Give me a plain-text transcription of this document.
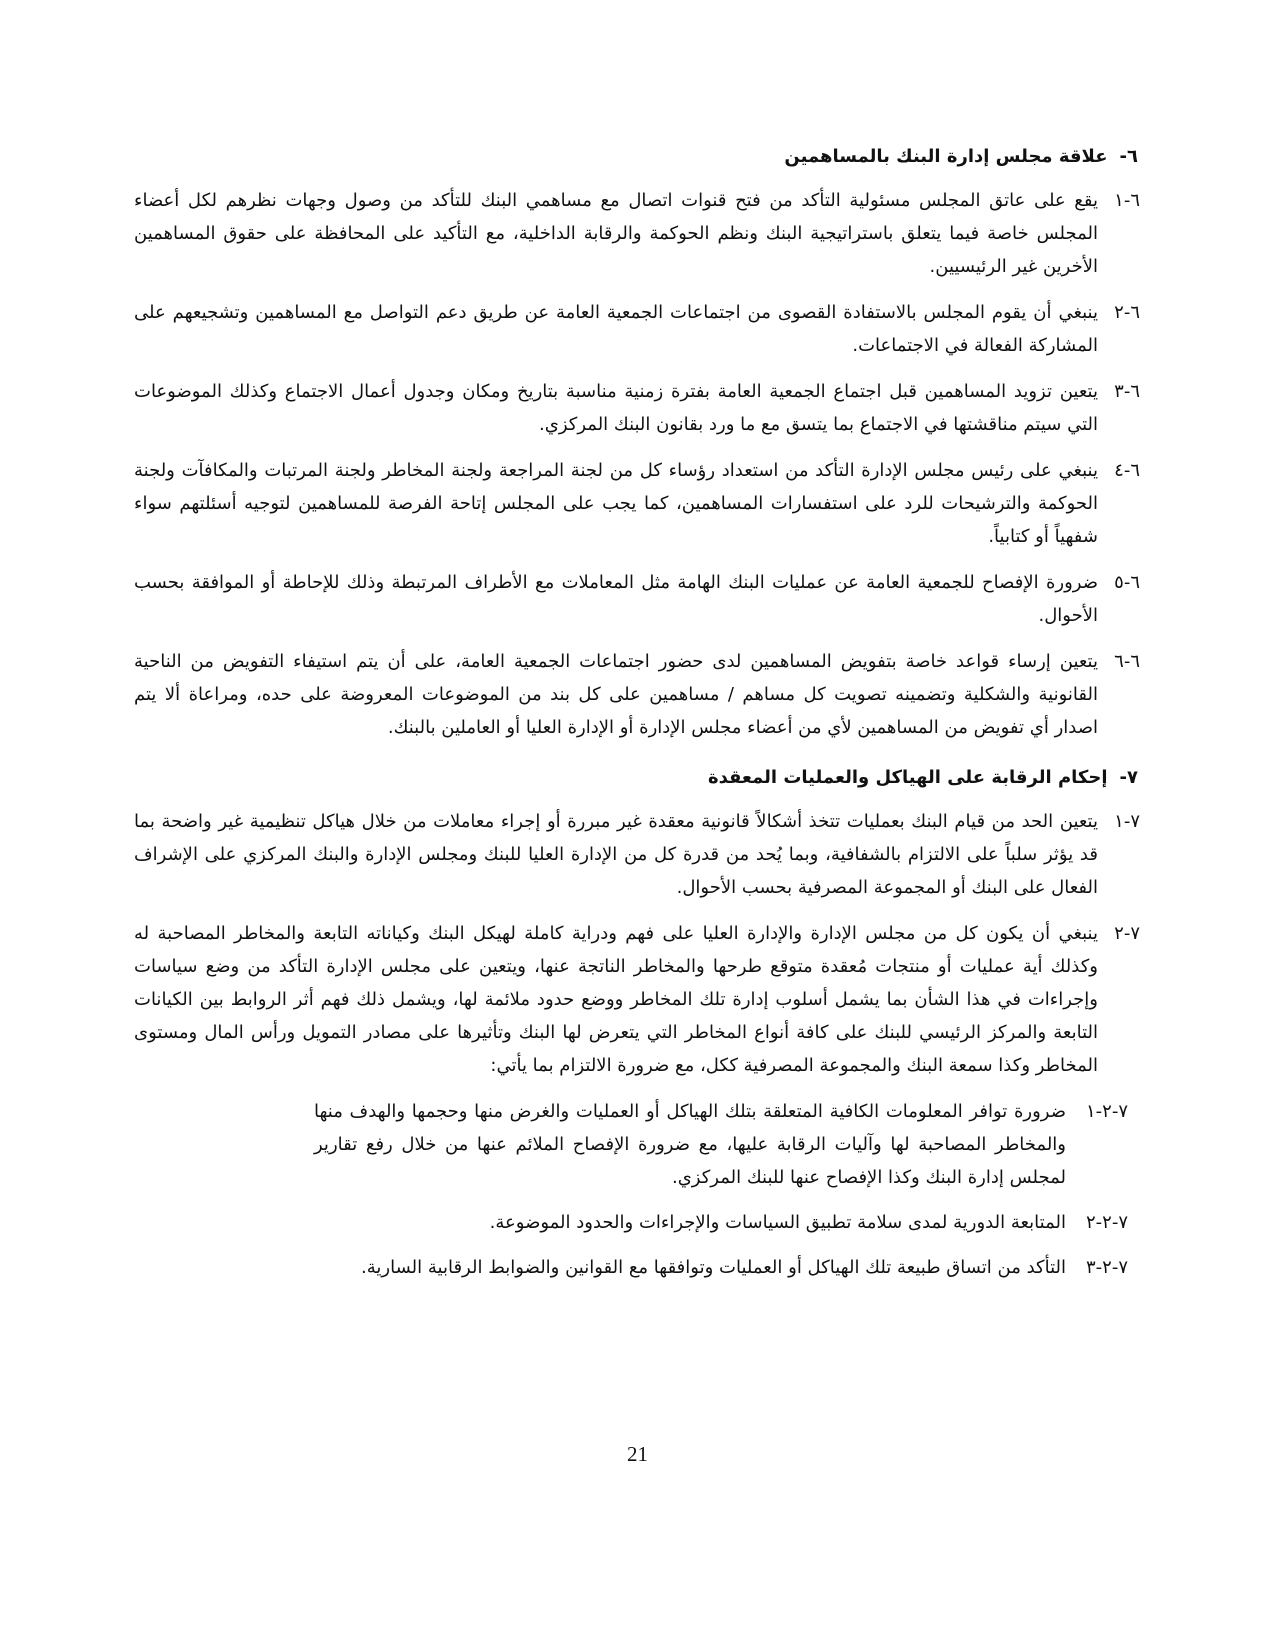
٦-
علاقة مجلس إدارة البنك بالمساهمين
٦-١
يقع على عاتق المجلس مسئولية التأكد من فتح قنوات اتصال مع مساهمي البنك للتأكد من وصول وجهات نظرهم لكل أعضاء المجلس خاصة فيما يتعلق باستراتيجية البنك ونظم الحوكمة والرقابة الداخلية، مع التأكيد على المحافظة على حقوق المساهمين الأخرين غير الرئيسيين.
٦-٢
ينبغي أن يقوم المجلس بالاستفادة القصوى من اجتماعات الجمعية العامة عن طريق دعم التواصل مع المساهمين وتشجيعهم على المشاركة الفعالة في الاجتماعات.
٦-٣
يتعين تزويد المساهمين قبل اجتماع الجمعية العامة بفترة زمنية مناسبة بتاريخ ومكان وجدول أعمال الاجتماع وكذلك الموضوعات التي سيتم مناقشتها في الاجتماع بما يتسق مع ما ورد بقانون البنك المركزي.
٦-٤
ينبغي على رئيس مجلس الإدارة التأكد من استعداد رؤساء كل من لجنة المراجعة ولجنة المخاطر ولجنة المرتبات والمكافآت ولجنة الحوكمة والترشيحات للرد على استفسارات المساهمين، كما يجب على المجلس إتاحة الفرصة للمساهمين لتوجيه أسئلتهم سواء شفهياً أو كتابياً.
٦-٥
ضرورة الإفصاح للجمعية العامة عن عمليات البنك الهامة مثل المعاملات مع الأطراف المرتبطة وذلك للإحاطة أو الموافقة بحسب الأحوال.
٦-٦
يتعين إرساء قواعد خاصة بتفويض المساهمين لدى حضور اجتماعات الجمعية العامة، على أن يتم استيفاء التفويض من الناحية القانونية والشكلية وتضمينه تصويت كل مساهم / مساهمين على كل بند من الموضوعات المعروضة على حده، ومراعاة ألا يتم اصدار أي تفويض من المساهمين لأي من أعضاء مجلس الإدارة أو الإدارة العليا أو العاملين بالبنك.
٧-
إحكام الرقابة على الهياكل والعمليات المعقدة
٧-١
يتعين الحد من قيام البنك بعمليات تتخذ أشكالاً قانونية معقدة غير مبررة أو إجراء معاملات من خلال هياكل تنظيمية غير واضحة بما قد يؤثر سلباً على الالتزام بالشفافية، وبما يُحد من قدرة كل من الإدارة العليا للبنك ومجلس الإدارة والبنك المركزي على الإشراف الفعال على البنك أو المجموعة المصرفية بحسب الأحوال.
٧-٢
ينبغي أن يكون كل من مجلس الإدارة والإدارة العليا على فهم ودراية كاملة لهيكل البنك وكياناته التابعة والمخاطر المصاحبة له وكذلك أية عمليات أو منتجات مُعقدة متوقع طرحها والمخاطر الناتجة عنها، ويتعين على مجلس الإدارة التأكد من وضع سياسات وإجراءات في هذا الشأن بما يشمل أسلوب إدارة تلك المخاطر ووضع حدود ملائمة لها، ويشمل ذلك فهم أثر الروابط بين الكيانات التابعة والمركز الرئيسي للبنك على كافة أنواع المخاطر التي يتعرض لها البنك وتأثيرها على مصادر التمويل ورأس المال ومستوى المخاطر وكذا سمعة البنك والمجموعة المصرفية ككل، مع ضرورة الالتزام بما يأتي:
٧-٢-١
ضرورة توافر المعلومات الكافية المتعلقة بتلك الهياكل أو العمليات والغرض منها وحجمها والهدف منها والمخاطر المصاحبة لها وآليات الرقابة عليها، مع ضرورة الإفصاح الملائم عنها من خلال رفع تقارير لمجلس إدارة البنك وكذا الإفصاح عنها للبنك المركزي.
٧-٢-٢
المتابعة الدورية لمدى سلامة تطبيق السياسات والإجراءات والحدود الموضوعة.
٧-٢-٣
التأكد من اتساق طبيعة تلك الهياكل أو العمليات وتوافقها مع القوانين والضوابط الرقابية السارية.
21
